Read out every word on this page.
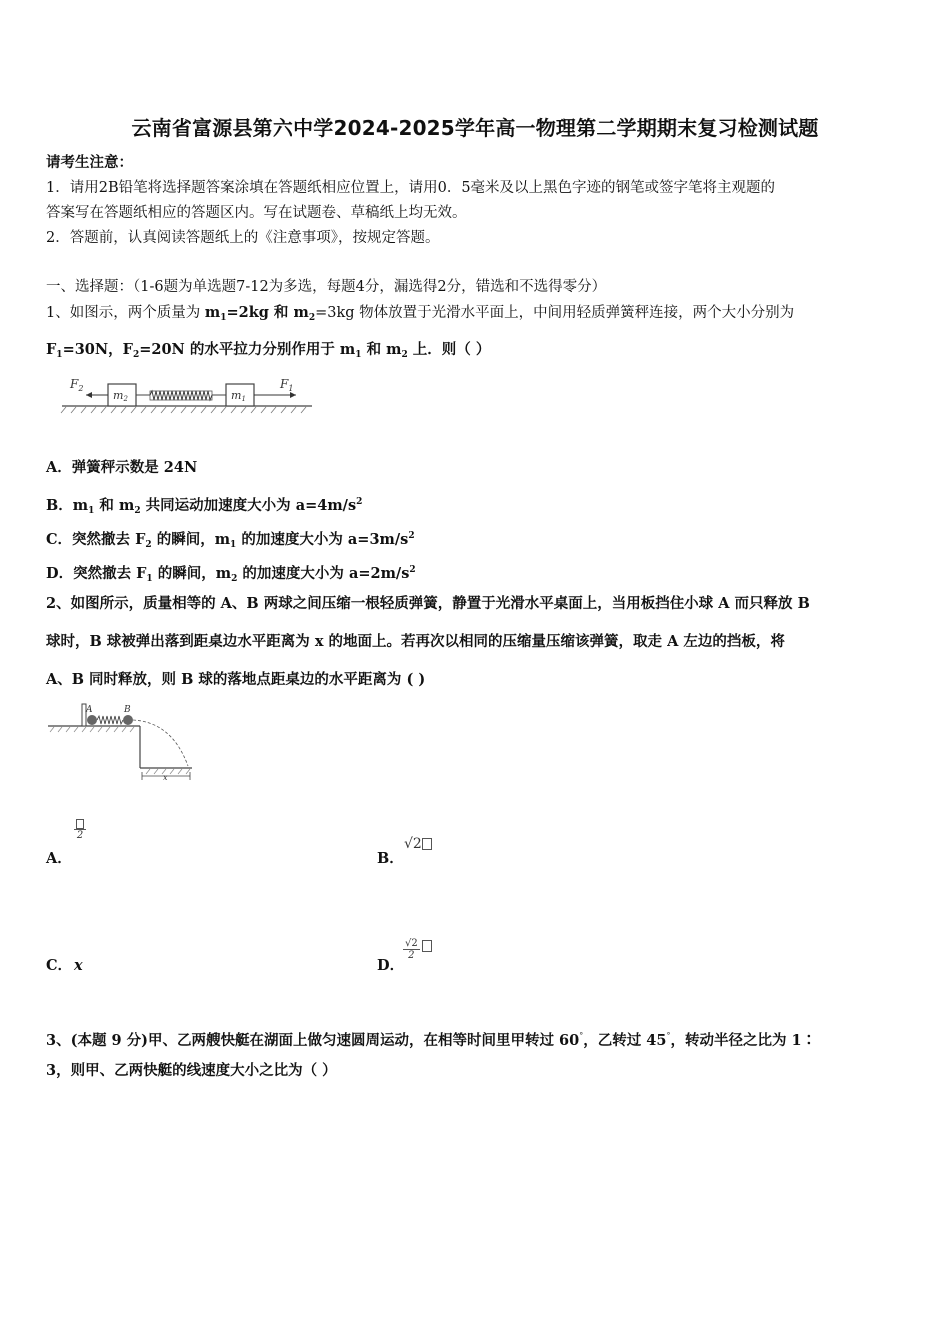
云南省富源县第六中学2024-2025学年高一物理第二学期期末复习检测试题
请考生注意：
1．请用2B铅笔将选择题答案涂填在答题纸相应位置上，请用0．5毫米及以上黑色字迹的钢笔或签字笔将主观题的
答案写在答题纸相应的答题区内。写在试题卷、草稿纸上均无效。
2．答题前，认真阅读答题纸上的《注意事项》，按规定答题。
一、选择题：（1-6题为单选题7-12为多选，每题4分，漏选得2分，错选和不选得零分）
1、如图示，两个质量为 $m_1=2kg$ 和 $m_2=3kg$ 物体放置于光滑水平面上，中间用轻质弹簧秤连接，两个大小分别为
$F_1=30N$，$F_2=20N$ 的水平拉力分别作用于 $m_1$ 和 $m_2$ 上．则（ ）
$F_2$
m2	m1
$F_1$
A．弹簧秤示数是 24N
B．$m_1$ 和 $m_2$ 共同运动加速度大小为 $a=4m/s^2$
C．突然撤去 $F_2$ 的瞬间，$m_1$ 的加速度大小为 $a=3m/s^2$
D．突然撤去 $F_1$ 的瞬间，$m_2$ 的加速度大小为 $a=2m/s^2$
2、如图所示，质量相等的 A、B 两球之间压缩一根轻质弹簧，静置于光滑水平桌面上，当用板挡住小球 A 而只释放 B
球时，B 球被弹出落到距桌边水平距离为 x 的地面上。若再次以相同的压缩量压缩该弹簧，取走 A 左边的挡板，将
A、B 同时释放，则 B 球的落地点距桌边的水平距离为 ( )
A	B
x
A．
2
B．
√2
C． x	D．
$\frac{√2}{2}$
3、(本题 9 分)甲、乙两艘快艇在湖面上做匀速圆周运动，在相等时间里甲转过 60°，乙转过 45°，转动半径之比为 1∶
3，则甲、乙两快艇的线速度大小之比为（ ）
